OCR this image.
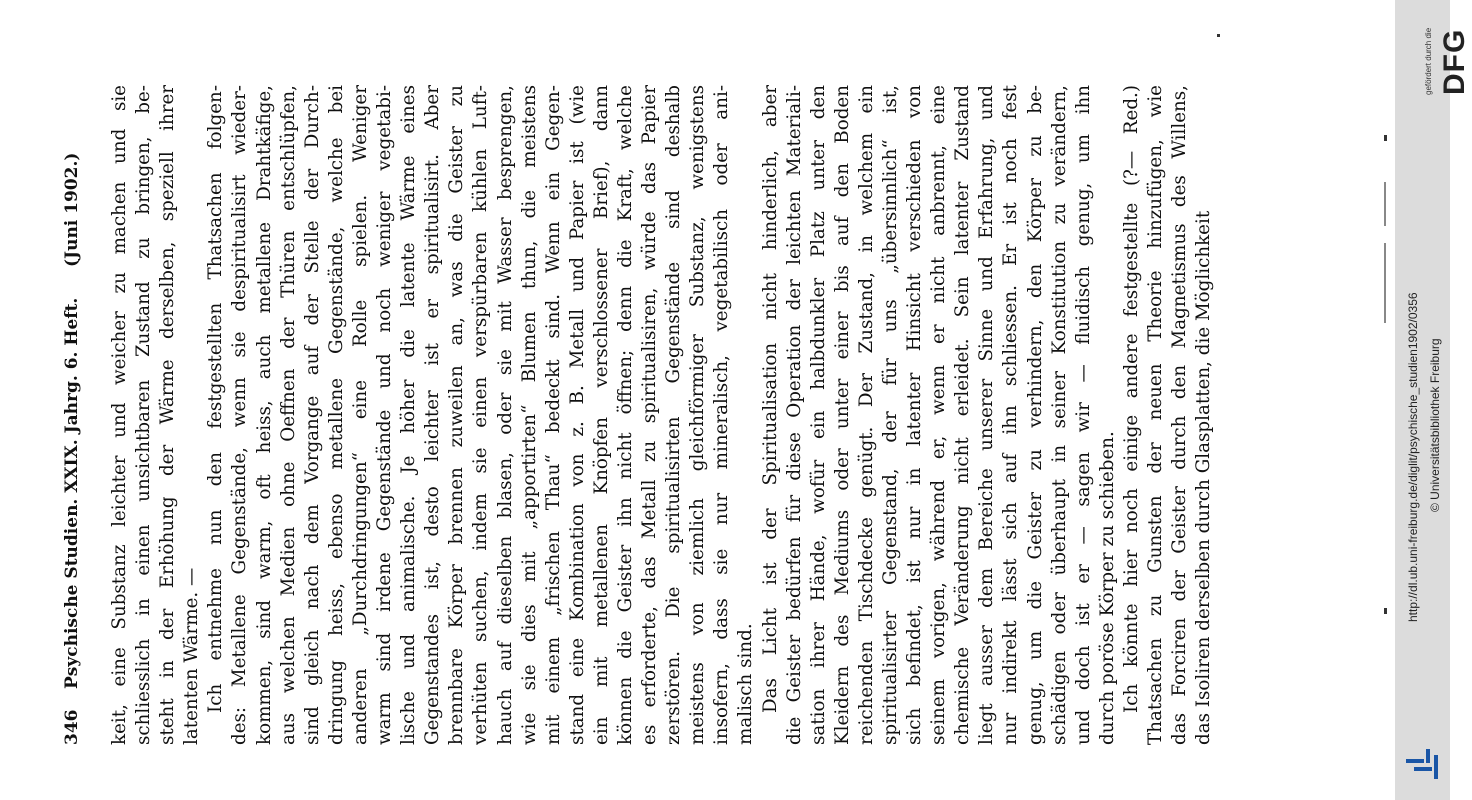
346
Psychische Studien. XXIX. Jahrg. 6. Heft.
(Juni 1902.) keit, eine Substanz leichter und weicher zu machen und sie schliesslich in einen unsichtbaren Zustand zu bringen, be- steht in der Erhöhung der Wärme derselben, speziell ihrer latenten Wärme. — Ich entnehme nun den festgestellten Thatsachen folgen- des: Metallene Gegenstände, wenn sie despiritualisirt wieder- kommen, sind warm, oft heiss, auch metallene Drahtkäfige, aus welchen Medien ohne Oeffnen der Thüren entschlüpfen, sind gleich nach dem Vorgange auf der Stelle der Durch- dringung heiss, ebenso metallene Gegenstände, welche bei anderen „Durchdringungen“ eine Rolle spielen. Weniger warm sind irdene Gegenstände und noch weniger vegetabi- lische und animalische. Je höher die latente Wärme eines Gegenstandes ist, desto leichter ist er spiritualisirt. Aber brennbare Körper brennen zuweilen an, was die Geister zu verhüten suchen, indem sie einen verspürbaren kühlen Luft- hauch auf dieselben blasen, oder sie mit Wasser besprengen, wie sie dies mit „apportirten“ Blumen thun, die meistens mit einem „frischen Thau“ bedeckt sind. Wenn ein Gegen- stand eine Kombination von z. B. Metall und Papier ist (wie ein mit metallenen Knöpfen verschlossener Brief), dann können die Geister ihn nicht öffnen; denn die Kraft, welche es erforderte, das Metall zu spiritualisiren, würde das Papier zerstören. Die spiritualisirten Gegenstände sind deshalb meistens von ziemlich gleichförmiger Substanz, wenigstens insofern, dass sie nur mineralisch, vegetabilisch oder ani- malisch sind. Das Licht ist der Spiritualisation nicht hinderlich, aber die Geister bedürfen für diese Operation der leichten Materiali- sation ihrer Hände, wofür ein halbdunkler Platz unter den Kleidern des Mediums oder unter einer bis auf den Boden reichenden Tischdecke genügt. Der Zustand, in welchem ein spiritualisirter Gegenstand, der für uns „übersinnlich“ ist, sich befindet, ist nur in latenter Hinsicht verschieden von seinem vorigen, während er, wenn er nicht anbrennt, eine chemische Veränderung nicht erleidet. Sein latenter Zustand liegt ausser dem Bereiche unserer Sinne und Erfahrung, und nur indirekt lässt sich auf ihn schliessen. Er ist noch fest genug, um die Geister zu verhindern, den Körper zu be- schädigen oder überhaupt in seiner Konstitution zu verändern, und doch ist er — sagen wir — fluidisch genug, um ihn durch poröse Körper zu schieben. Ich könnte hier noch einige andere festgestellte (?— Red.) Thatsachen zu Gunsten der neuen Theorie hinzufügen, wie das Forciren der Geister durch den Magnetismus des Willens, das Isoliren derselben durch Glasplatten, die Möglichkeit
gefördert durch die DFG
http://dl.ub.uni-freiburg.de/diglit/psychische_studien1902/0356 © Universitätsbibliothek Freiburg
